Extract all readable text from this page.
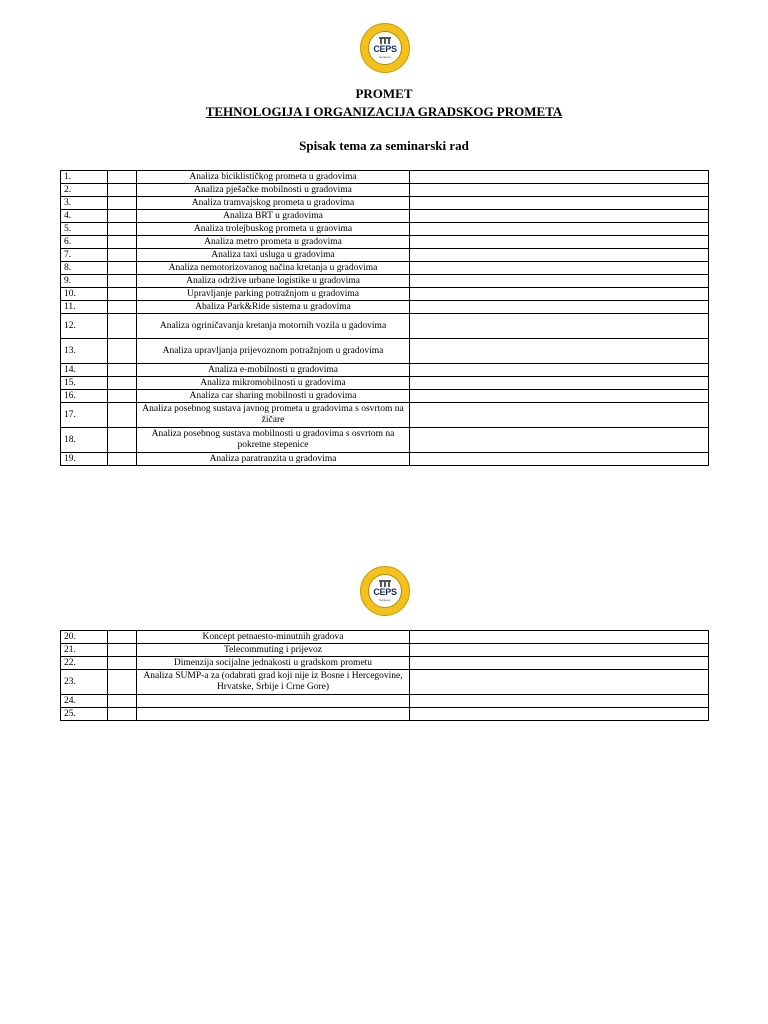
CEPS
Sarajevo
PROMET
TEHNOLOGIJA I ORGANIZACIJA GRADSKOG PROMETA
Spisak tema za seminarski rad
1.		Analiza biciklističkog prometa u gradovima	
2.		Analiza pješačke mobilnosti u gradovima	
3.		Analiza tramvajskog prometa u gradovima	
4.		Analiza BRT u gradovima	
5.		Analiza trolejbuskog prometa u graovima	
6.		Analiza metro prometa u gradovima	
7.		Analiza taxi usluga u gradovima	
8.		Analiza nemotorizovanog načina kretanja u gradovima	
9.		Analiza održive urbane logistike u gradovima	
10.		Upravljanje parking potražnjom u gradovima	
11.		Abaliza Park&Ride sistema u gradovima	
12.		Analiza ogriničavanja kretanja motornih vozila u gadovima	
13.		Analiza upravljanja prijevoznom potražnjom u gradovima	
14.		Analiza e-mobilnosti u gradovima	
15.		Analiza mikromobilnosti u gradovima	
16.		Analiza car sharing mobilnosti u gradovima	
17.		Analiza posebnog sustava javnog prometa u gradovima s osvrtom na žičare	
18.		Analiza posebnog sustava mobilnosti u gradovima s osvrtom na pokretne stepenice	
19.		Analiza paratranzita u gradovima	
CEPS
Sarajevo
20.		Koncept petnaesto-minutnih gradova	
21.		Telecommuting i prijevoz	
22.		Dimenzija socijalne jednakosti u gradskom prometu	
23.		Analiza SUMP-a za (odabrati grad koji nije iz Bosne i Hercegovine, Hrvatske, Srbije i Crne Gore)	
24.			
25.			
